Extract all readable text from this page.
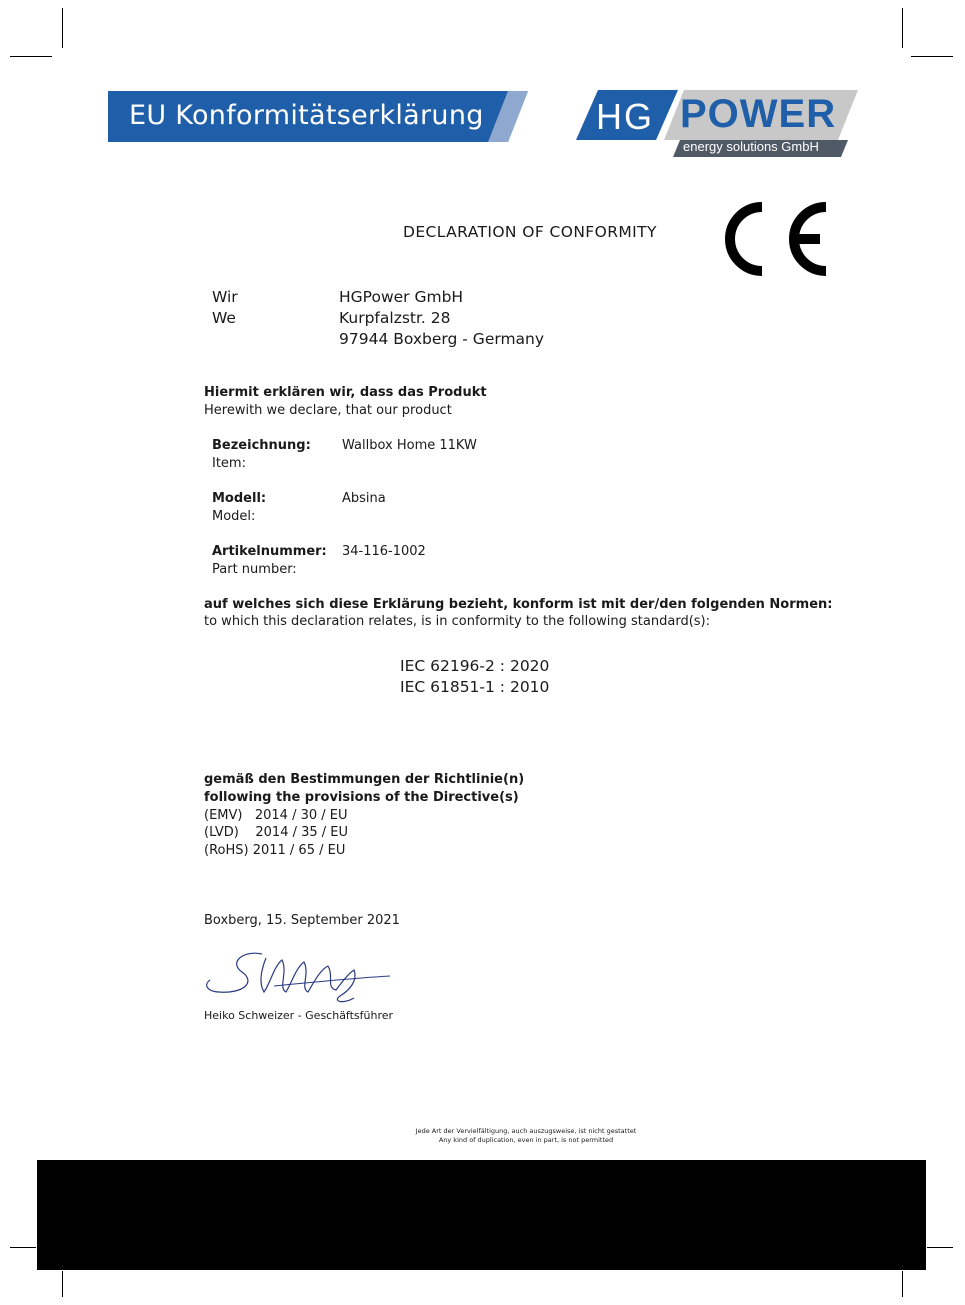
EU Konformitätserklärung	HG POWER
energy solutions GmbH
DECLARATION OF CONFORMITY
Wir
We
HGPower GmbH
Kurpfalzstr. 28
97944 Boxberg - Germany
Hiermit erklären wir, dass das Produkt
Herewith we declare, that our product
Bezeichnung:
Item:
Wallbox Home 11KW
Modell:
Model:
Absina
Artikelnummer:
Part number:
34-116-1002
auf welches sich diese Erklärung bezieht, konform ist mit der/den folgenden Normen:
to which this declaration relates, is in conformity to the following standard(s):
IEC 62196-2 : 2020
IEC 61851-1 : 2010
gemäß den Bestimmungen der Richtlinie(n)
following the provisions of the Directive(s)
(EMV)   2014 / 30 / EU
(LVD)    2014 / 35 / EU
(RoHS) 2011 / 65 / EU
Boxberg, 15. September 2021
Heiko Schweizer - Geschäftsführer
Jede Art der Vervielfältigung, auch auszugsweise, ist nicht gestattet
Any kind of duplication, even in part, is not permitted
